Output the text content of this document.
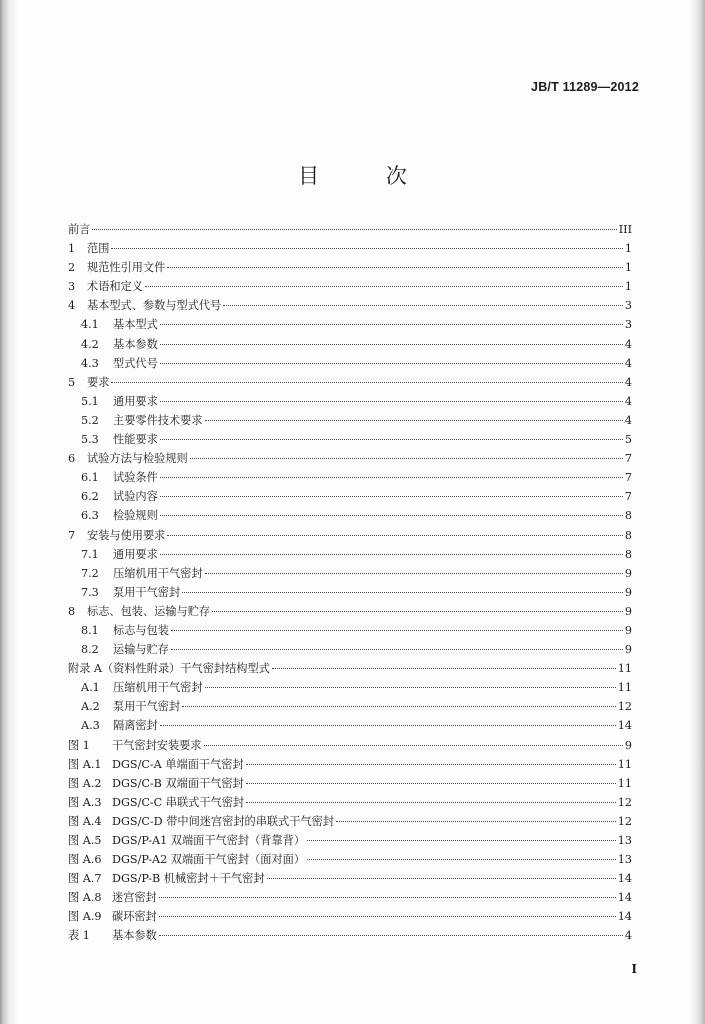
JB/T 11289—2012
目 次
前言	III
1	范围	1
2	规范性引用文件	1
3	术语和定义	1
4	基本型式、参数与型式代号	3
4.1	基本型式	3
4.2	基本参数	4
4.3	型式代号	4
5	要求	4
5.1	通用要求	4
5.2	主要零件技术要求	4
5.3	性能要求	5
6	试验方法与检验规则	7
6.1	试验条件	7
6.2	试验内容	7
6.3	检验规则	8
7	安装与使用要求	8
7.1	通用要求	8
7.2	压缩机用干气密封	9
7.3	泵用干气密封	9
8	标志、包装、运输与贮存	9
8.1	标志与包装	9
8.2	运输与贮存	9
附录 A（资料性附录）干气密封结构型式	11
A.1	压缩机用干气密封	11
A.2	泵用干气密封	12
A.3	隔离密封	14
图 1	干气密封安装要求	9
图 A.1 DGS/C-A 单端面干气密封	11
图 A.2 DGS/C-B 双端面干气密封	11
图 A.3 DGS/C-C 串联式干气密封	12
图 A.4 DGS/C-D 带中间迷宫密封的串联式干气密封	12
图 A.5 DGS/P-A1 双端面干气密封（背靠背）	13
图 A.6 DGS/P-A2 双端面干气密封（面对面）	13
图 A.7 DGS/P-B 机械密封＋干气密封	14
图 A.8 迷宫密封	14
图 A.9 碳环密封	14
表 1	基本参数	4
I
